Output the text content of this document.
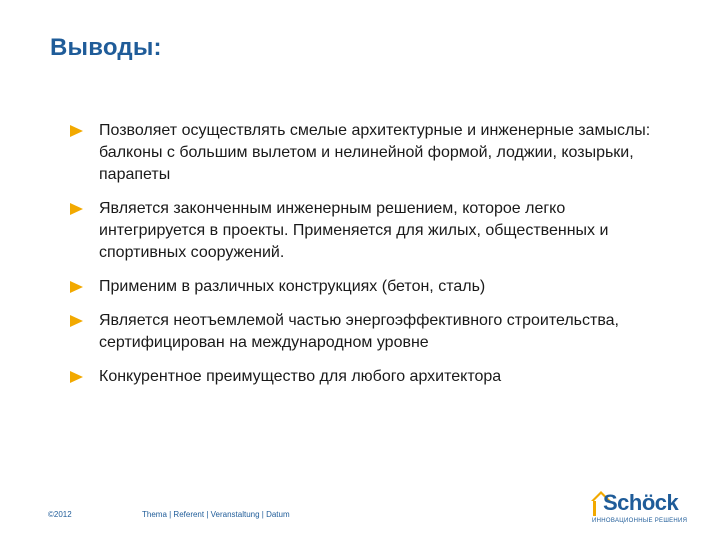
Выводы:
Позволяет осуществлять смелые архитектурные и инженерные замыслы: балконы с большим вылетом и нелинейной формой, лоджии, козырьки, парапеты
Является законченным инженерным решением, которое легко интегрируется в проекты. Применяется для жилых, общественных и спортивных сооружений.
Применим в различных конструкциях (бетон, сталь)
Является неотъемлемой частью энергоэффективного строительства, сертифицирован на международном уровне
Конкурентное преимущество для любого архитектора
©2012	Thema | Referent | Veranstaltung | Datum	Schöck
ИННОВАЦИОННЫЕ РЕШЕНИЯ
